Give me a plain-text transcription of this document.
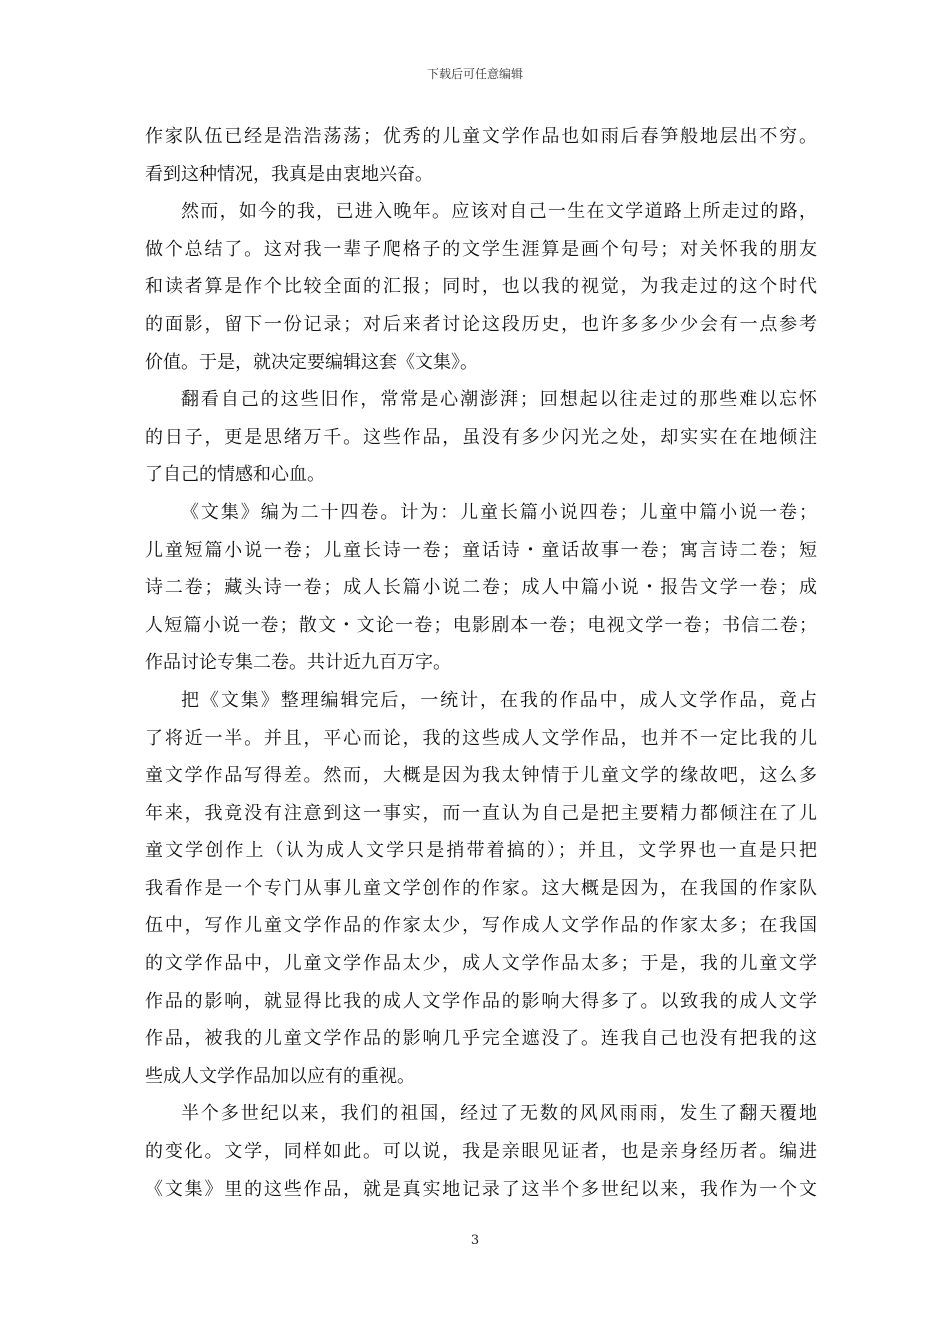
下载后可任意编辑
作家队伍已经是浩浩荡荡；优秀的儿童文学作品也如雨后春笋般地层出不穷。
看到这种情况，我真是由衷地兴奋。
然而，如今的我，已进入晚年。应该对自己一生在文学道路上所走过的路，
做个总结了。这对我一辈子爬格子的文学生涯算是画个句号；对关怀我的朋友
和读者算是作个比较全面的汇报；同时，也以我的视觉，为我走过的这个时代
的面影，留下一份记录；对后来者讨论这段历史，也许多多少少会有一点参考
价值。于是，就决定要编辑这套《文集》。
翻看自己的这些旧作，常常是心潮澎湃；回想起以往走过的那些难以忘怀
的日子，更是思绪万千。这些作品，虽没有多少闪光之处，却实实在在地倾注
了自己的情感和心血。
《文集》编为二十四卷。计为：儿童长篇小说四卷；儿童中篇小说一卷；
儿童短篇小说一卷；儿童长诗一卷；童话诗・童话故事一卷；寓言诗二卷；短
诗二卷；藏头诗一卷；成人长篇小说二卷；成人中篇小说・报告文学一卷；成
人短篇小说一卷；散文・文论一卷；电影剧本一卷；电视文学一卷；书信二卷；
作品讨论专集二卷。共计近九百万字。
把《文集》整理编辑完后，一统计，在我的作品中，成人文学作品，竟占
了将近一半。并且，平心而论，我的这些成人文学作品，也并不一定比我的儿
童文学作品写得差。然而，大概是因为我太钟情于儿童文学的缘故吧，这么多
年来，我竟没有注意到这一事实，而一直认为自己是把主要精力都倾注在了儿
童文学创作上（认为成人文学只是捎带着搞的）；并且，文学界也一直是只把
我看作是一个专门从事儿童文学创作的作家。这大概是因为，在我国的作家队
伍中，写作儿童文学作品的作家太少，写作成人文学作品的作家太多；在我国
的文学作品中，儿童文学作品太少，成人文学作品太多；于是，我的儿童文学
作品的影响，就显得比我的成人文学作品的影响大得多了。以致我的成人文学
作品，被我的儿童文学作品的影响几乎完全遮没了。连我自己也没有把我的这
些成人文学作品加以应有的重视。
半个多世纪以来，我们的祖国，经过了无数的风风雨雨，发生了翻天覆地
的变化。文学，同样如此。可以说，我是亲眼见证者，也是亲身经历者。编进
《文集》里的这些作品，就是真实地记录了这半个多世纪以来，我作为一个文
3
